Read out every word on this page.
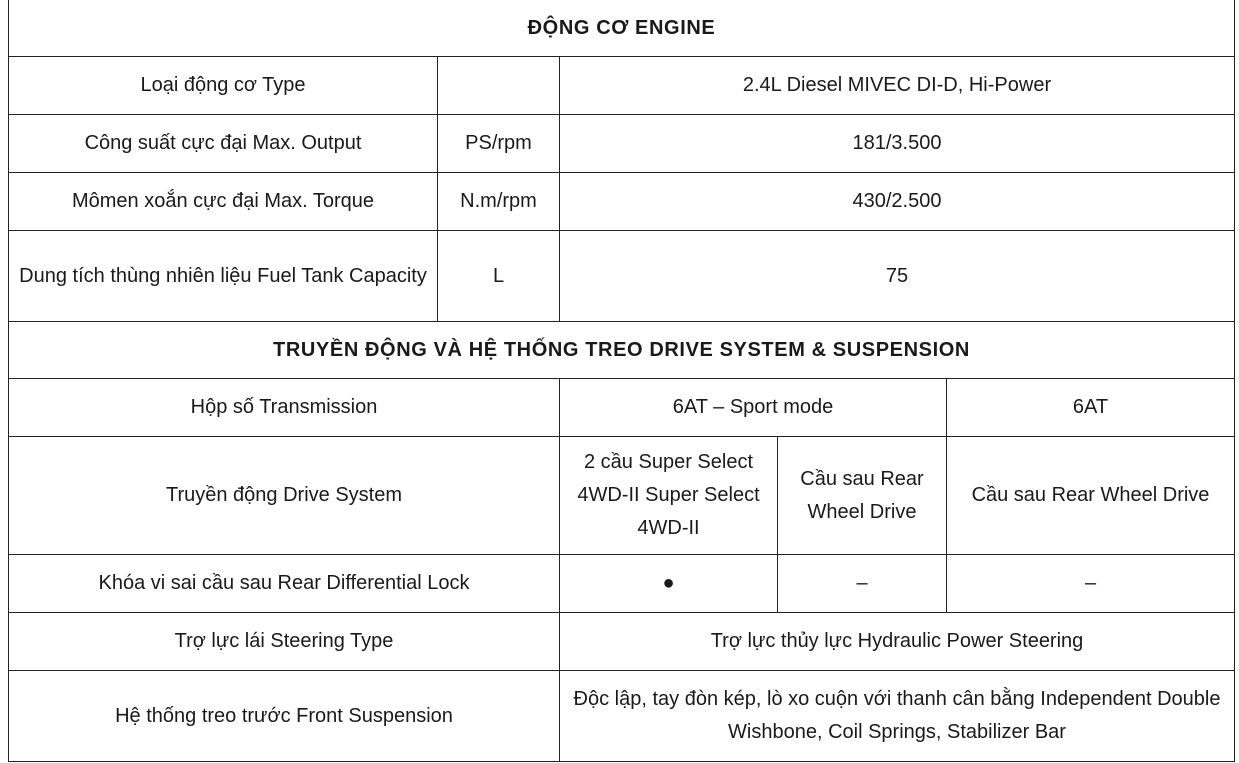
ĐỘNG CƠ ENGINE				
Loại động cơ Type		2.4L Diesel MIVEC DI-D, Hi-Power		
Công suất cực đại Max. Output	PS/rpm	181/3.500		
Mômen xoắn cực đại Max. Torque	N.m/rpm	430/2.500		
Dung tích thùng nhiên liệu Fuel Tank Capacity	L	75		
TRUYỀN ĐỘNG VÀ HỆ THỐNG TREO DRIVE SYSTEM & SUSPENSION				
Hộp số Transmission		6AT – Sport mode		6AT
Truyền động Drive System		2 cầu Super Select 4WD-II Super Select 4WD-II	Cầu sau Rear Wheel Drive	Cầu sau Rear Wheel Drive
Khóa vi sai cầu sau Rear Differential Lock		●	–	–
Trợ lực lái Steering Type		Trợ lực thủy lực Hydraulic Power Steering		
Hệ thống treo trước Front Suspension		Độc lập, tay đòn kép, lò xo cuộn với thanh cân bằng Independent Double Wishbone, Coil Springs, Stabilizer Bar		
